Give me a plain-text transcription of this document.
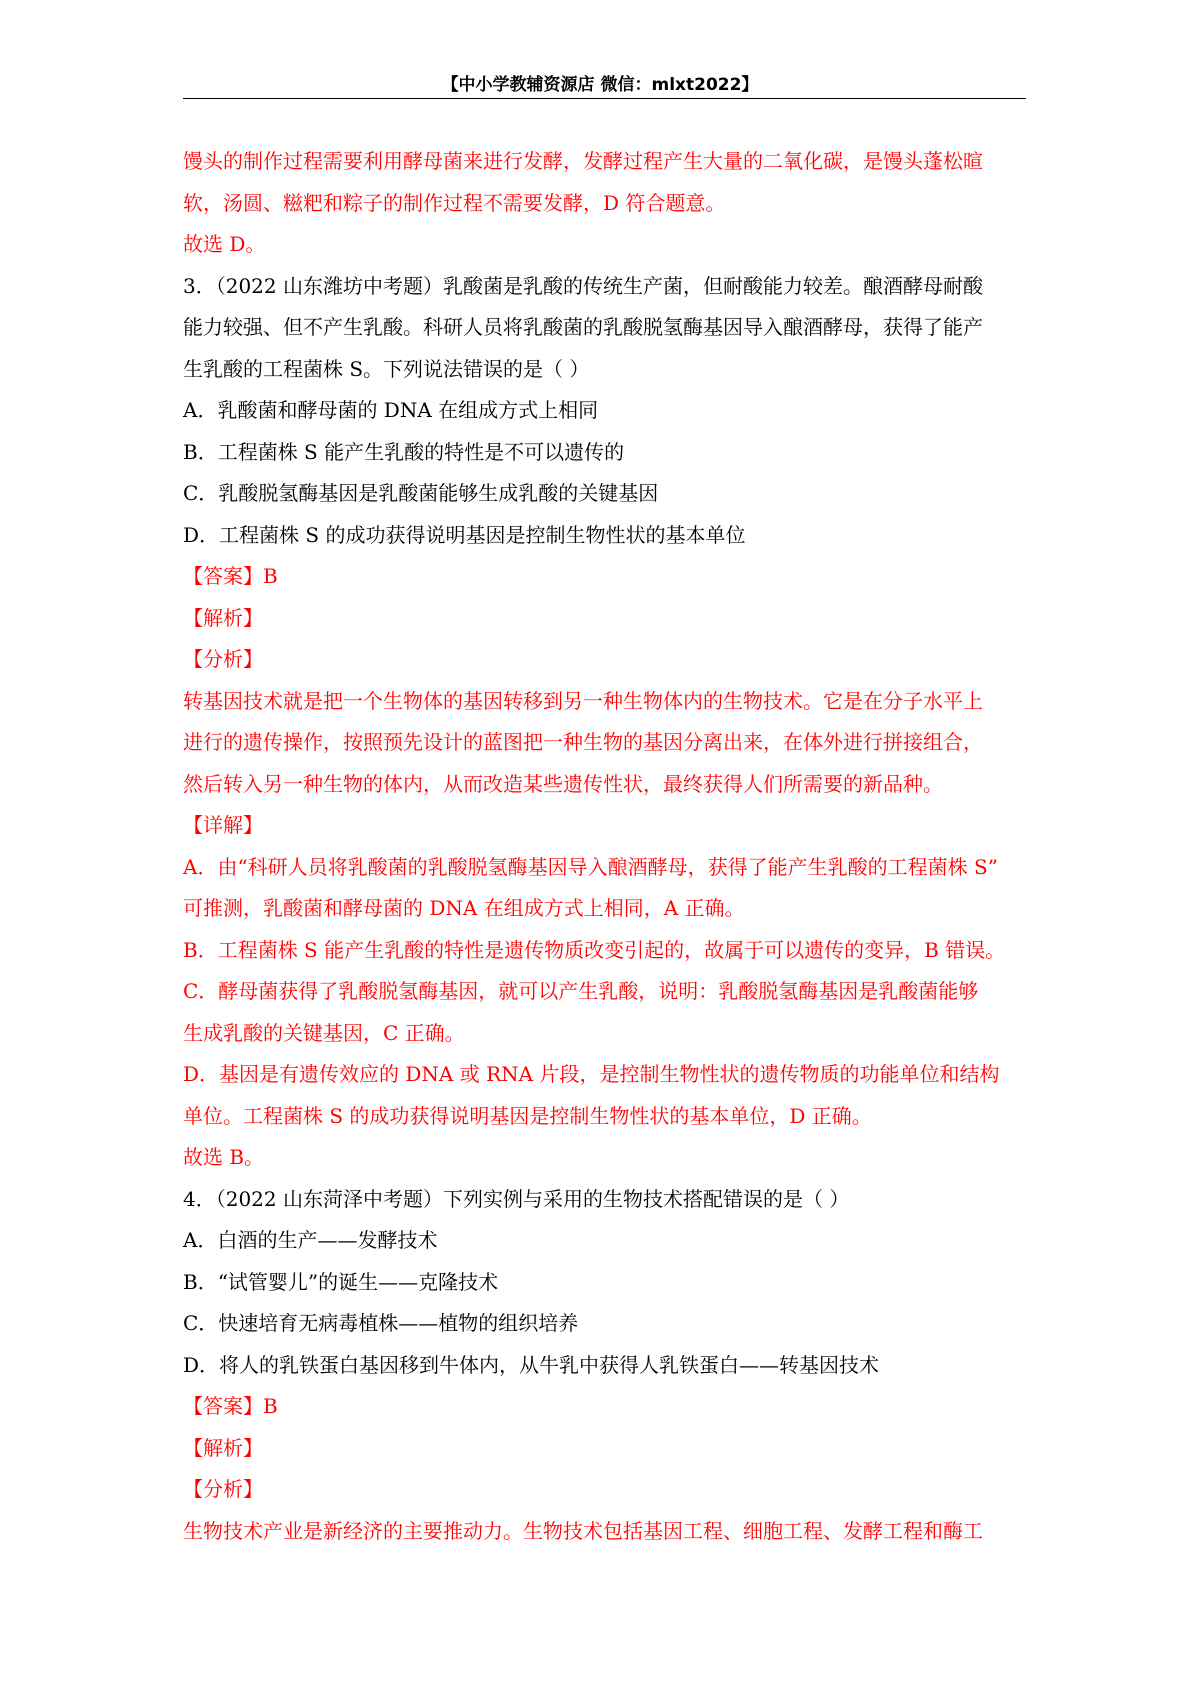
【中小学教辅资源店 微信：mlxt2022】
馒头的制作过程需要利用酵母菌来进行发酵，发酵过程产生大量的二氧化碳，是馒头蓬松暄
软，汤圆、糍粑和粽子的制作过程不需要发酵，D 符合题意。
故选 D。
3．（2022 山东潍坊中考题）乳酸菌是乳酸的传统生产菌，但耐酸能力较差。酿酒酵母耐酸
能力较强、但不产生乳酸。科研人员将乳酸菌的乳酸脱氢酶基因导入酿酒酵母，获得了能产
生乳酸的工程菌株 S。下列说法错误的是（ ）
A．乳酸菌和酵母菌的 DNA 在组成方式上相同
B．工程菌株 S 能产生乳酸的特性是不可以遗传的
C．乳酸脱氢酶基因是乳酸菌能够生成乳酸的关键基因
D．工程菌株 S 的成功获得说明基因是控制生物性状的基本单位
【答案】B
【解析】
【分析】
转基因技术就是把一个生物体的基因转移到另一种生物体内的生物技术。它是在分子水平上
进行的遗传操作，按照预先设计的蓝图把一种生物的基因分离出来，在体外进行拼接组合，
然后转入另一种生物的体内，从而改造某些遗传性状，最终获得人们所需要的新品种。
【详解】
A．由“科研人员将乳酸菌的乳酸脱氢酶基因导入酿酒酵母，获得了能产生乳酸的工程菌株 S”
可推测，乳酸菌和酵母菌的 DNA 在组成方式上相同，A 正确。
B．工程菌株 S 能产生乳酸的特性是遗传物质改变引起的，故属于可以遗传的变异，B 错误。
C．酵母菌获得了乳酸脱氢酶基因，就可以产生乳酸，说明：乳酸脱氢酶基因是乳酸菌能够
生成乳酸的关键基因，C 正确。
D．基因是有遗传效应的 DNA 或 RNA 片段，是控制生物性状的遗传物质的功能单位和结构
单位。工程菌株 S 的成功获得说明基因是控制生物性状的基本单位，D 正确。
故选 B。
4．（2022 山东菏泽中考题）下列实例与采用的生物技术搭配错误的是（ ）
A．白酒的生产——发酵技术
B．“试管婴儿”的诞生——克隆技术
C．快速培育无病毒植株——植物的组织培养
D．将人的乳铁蛋白基因移到牛体内，从牛乳中获得人乳铁蛋白——转基因技术
【答案】B
【解析】
【分析】
生物技术产业是新经济的主要推动力。生物技术包括基因工程、细胞工程、发酵工程和酶工
